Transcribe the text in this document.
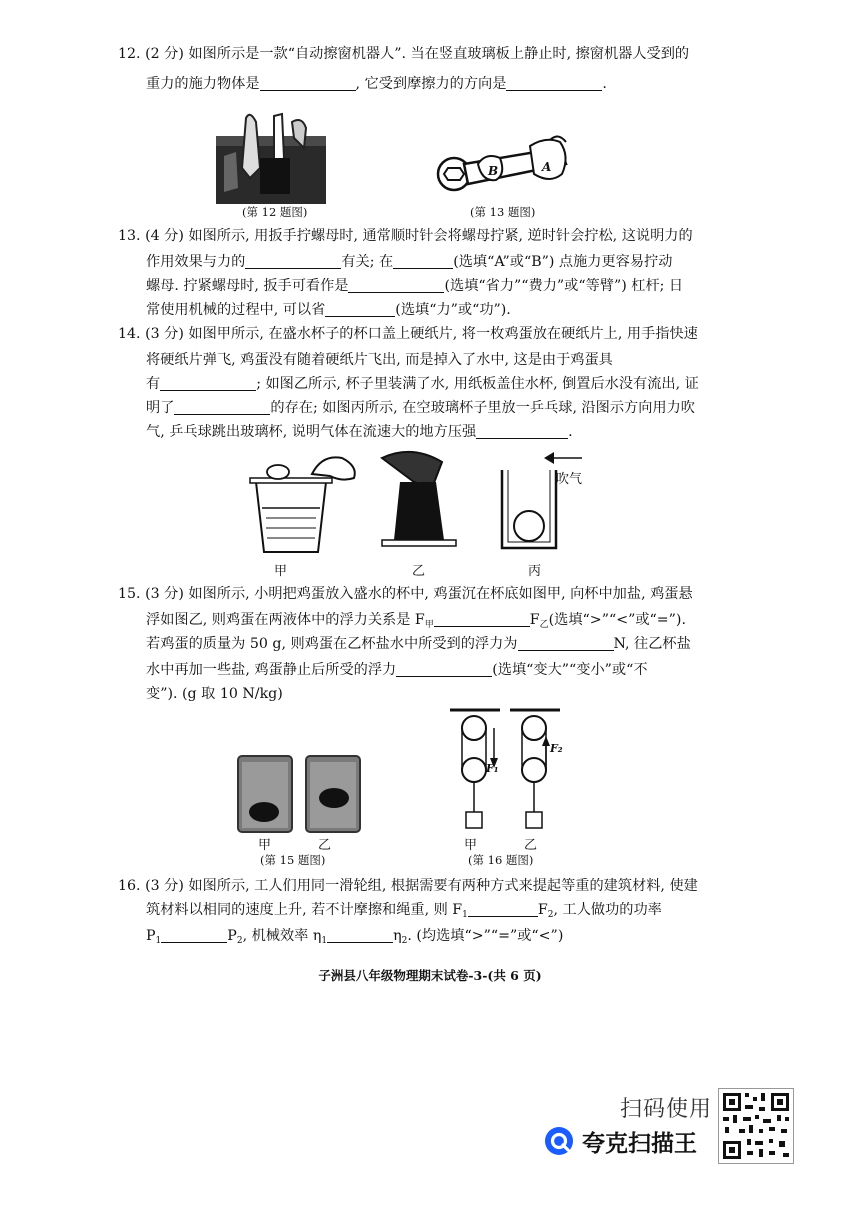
12. (2 分) 如图所示是一款“自动擦窗机器人”. 当在竖直玻璃板上静止时, 擦窗机器人受到的
重力的施力物体是	, 它受到摩擦力的方向是	.
(第 12 题图)
B	A
(第 13 题图)
13. (4 分) 如图所示, 用扳手拧螺母时, 通常顺时针会将螺母拧紧, 逆时针会拧松, 这说明力的
作用效果与力的	有关; 在	(选填“A”或“B”) 点施力更容易拧动
螺母. 拧紧螺母时, 扳手可看作是	(选填“省力”“费力”或“等臂”) 杠杆; 日
常使用机械的过程中, 可以省	(选填“力”或“功”).
14. (3 分) 如图甲所示, 在盛水杯子的杯口盖上硬纸片, 将一枚鸡蛋放在硬纸片上, 用手指快速
将硬纸片弹飞, 鸡蛋没有随着硬纸片飞出, 而是掉入了水中, 这是由于鸡蛋具
有	; 如图乙所示, 杯子里装满了水, 用纸板盖住水杯, 倒置后水没有流出, 证
明了	的存在; 如图丙所示, 在空玻璃杯子里放一乒乓球, 沿图示方向用力吹
气, 乒乓球跳出玻璃杯, 说明气体在流速大的地方压强	.
吹气
甲	乙	丙
15. (3 分) 如图所示, 小明把鸡蛋放入盛水的杯中, 鸡蛋沉在杯底如图甲, 向杯中加盐, 鸡蛋悬
浮如图乙, 则鸡蛋在两液体中的浮力关系是 $F_甲$	$F_乙$(选填“>”“<”或“=”).
若鸡蛋的质量为 50 g, 则鸡蛋在乙杯盐水中所受到的浮力为	N, 往乙杯盐
水中再加一些盐, 鸡蛋静止后所受的浮力	(选填“变大”“变小”或“不
变”). (g 取 10 N/kg)
甲	乙
(第 15 题图)
F₁
F₂
甲	乙
(第 16 题图)
16. (3 分) 如图所示, 工人们用同一滑轮组, 根据需要有两种方式来提起等重的建筑材料, 使建
筑材料以相同的速度上升, 若不计摩擦和绳重, 则 $F_1$	$F_2$, 工人做功的功率
$P_1$	$P_2$, 机械效率 $\eta_1$	$\eta_2$. (均选填“>”“=”或“<”)
子洲县八年级物理期末试卷-3-(共 6 页)
扫码使用
夸克扫描王
